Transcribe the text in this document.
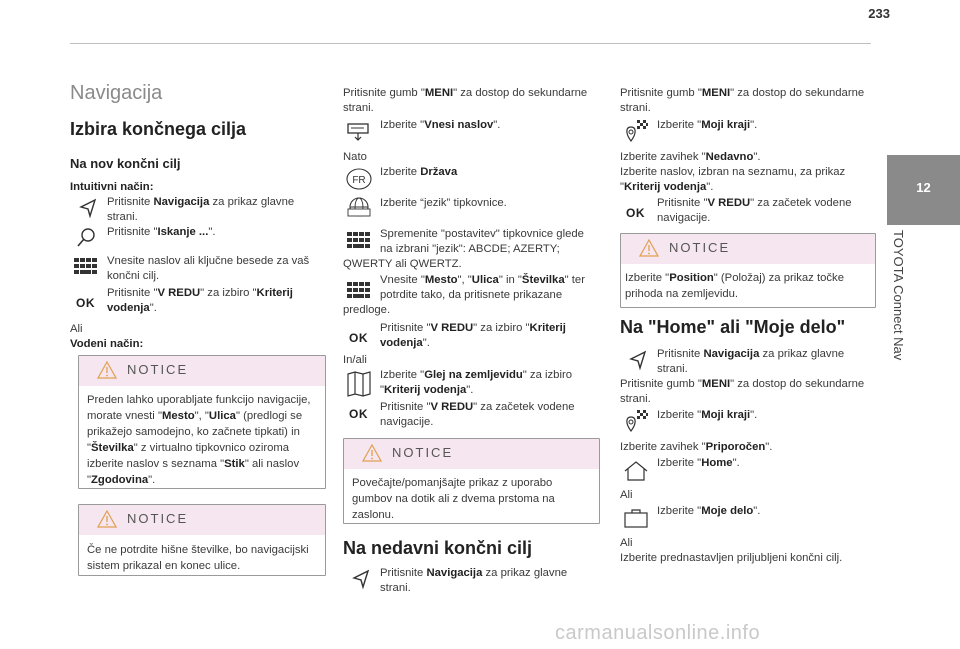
233
12
TOYOTA Connect Nav
Navigacija
Izbira končnega cilja
Na nov končni cilj
Intuitivni način:
Pritisnite Navigacija za prikaz glavne
strani.
Pritisnite "Iskanje ...".
Vnesite naslov ali ključne besede za vaš
končni cilj.
OK
Pritisnite "V REDU" za izbiro "Kriterij
vodenja".
Ali
Vodeni način:
NOTICE
Preden lahko uporabljate funkcijo navigacije,
morate vnesti "Mesto", "Ulica" (predlogi se
prikažejo samodejno, ko začnete tipkati) in
"Številka" z virtualno tipkovnico oziroma
izberite naslov s seznama "Stik" ali naslov
"Zgodovina".
NOTICE
Če ne potrdite hišne številke, bo navigacijski
sistem prikazal en konec ulice.
Pritisnite gumb "MENI" za dostop do sekundarne
strani.
Izberite "Vnesi naslov".
Nato
Izberite Država
FR
Izberite “jezik” tipkovnice.
Spremenite "postavitev" tipkovnice glede
na izbrani "jezik": ABCDE; AZERTY;
QWERTY ali QWERTZ.
Vnesite "Mesto", "Ulica" in "Številka" ter
potrdite tako, da pritisnete prikazane
predloge.
OK
Pritisnite "V REDU" za izbiro "Kriterij
vodenja".
In/ali
Izberite "Glej na zemljevidu" za izbiro
"Kriterij vodenja".
OK Pritisnite "V REDU" za začetek vodene
navigacije.
NOTICE
Povečajte/pomanjšajte prikaz z uporabo
gumbov na dotik ali z dvema prstoma na
zaslonu.
Na nedavni končni cilj
Pritisnite Navigacija za prikaz glavne
strani.
Pritisnite gumb "MENI" za dostop do sekundarne
strani.
Izberite "Moji kraji".
Izberite zavihek "Nedavno".
Izberite naslov, izbran na seznamu, za prikaz
"Kriterij vodenja".
OK
Pritisnite "V REDU" za začetek vodene
navigacije.
NOTICE
Izberite "Position" (Položaj) za prikaz točke
prihoda na zemljevidu.
Na "Home" ali "Moje delo"
Pritisnite Navigacija za prikaz glavne
strani.
Pritisnite gumb "MENI" za dostop do sekundarne
strani.
Izberite "Moji kraji".
Izberite zavihek "Priporočen".
Izberite "Home".
Ali
Izberite "Moje delo".
Ali
Izberite prednastavljen priljubljeni končni cilj.
carmanualsonline.info
